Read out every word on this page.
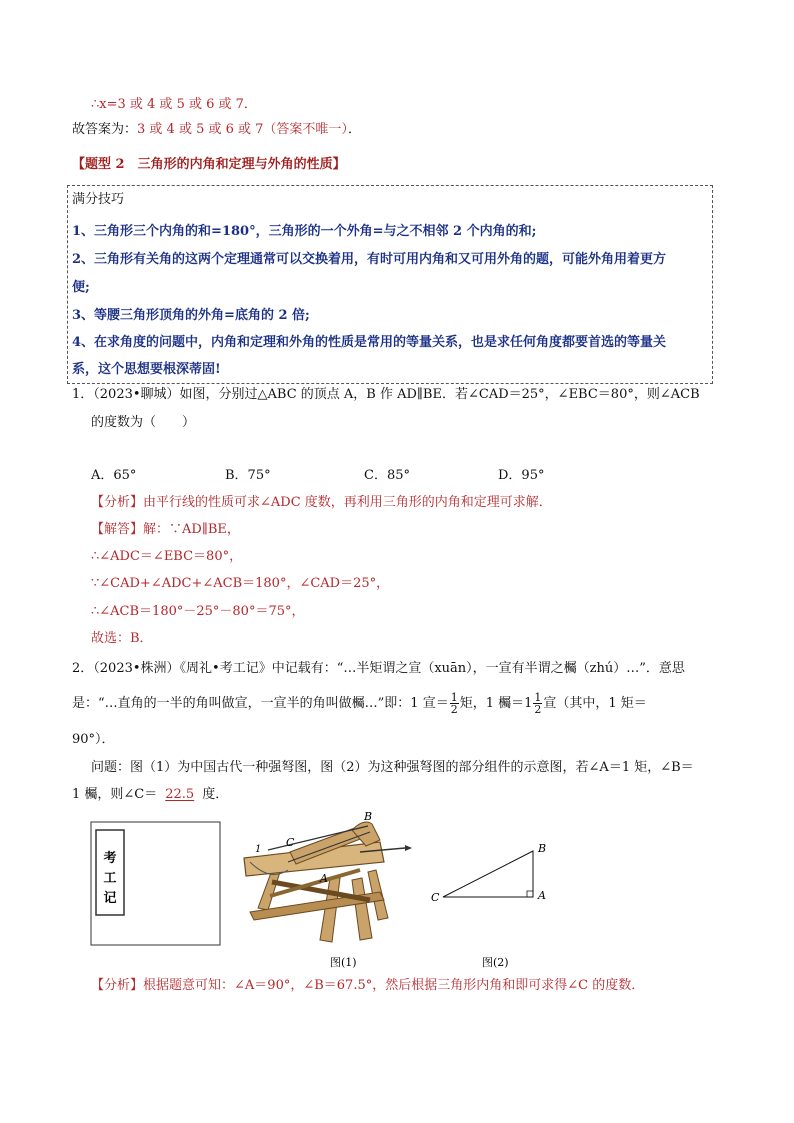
∴x=3 或 4 或 5 或 6 或 7．
故答案为：3 或 4 或 5 或 6 或 7（答案不唯一）．
【题型 2　三角形的内角和定理与外角的性质】
满分技巧
1、三角形三个内角的和=180°，三角形的一个外角=与之不相邻 2 个内角的和;
2、三角形有关角的这两个定理通常可以交换着用，有时可用内角和又可用外角的题，可能外角用着更方
便;
3、等腰三角形顶角的外角=底角的 2 倍;
4、在求角度的问题中，内角和定理和外角的性质是常用的等量关系，也是求任何角度都要首选的等量关
系，这个思想要根深蒂固!
1．（2023•聊城）如图，分别过△ABC 的顶点 A，B 作 AD∥BE．若∠CAD＝25°，∠EBC＝80°，则∠ACB
的度数为（　　）
A．65°	B．75°	C．85°	D．95°
【分析】由平行线的性质可求∠ADC 度数，再利用三角形的内角和定理可求解．
【解答】解：∵AD∥BE，
∴∠ADC＝∠EBC＝80°，
∵∠CAD+∠ADC+∠ACB＝180°，∠CAD＝25°，
∴∠ACB＝180°－25°－80°＝75°，
故选：B．
2．（2023•株洲）《周礼•考工记》中记载有：“…半矩谓之宣（xuān），一宣有半谓之欘（zhú）…”．意思
是：“…直角的一半的角叫做宣，一宣半的角叫做欘…”即：1 宣＝ $\frac{1}{2}$ 矩，1 欘$=1 \frac{1}{2}$ 宣（其中，1 矩＝
90°）．
问题：图（1）为中国古代一种强弩图，图（2）为这种强弩图的部分组件的示意图，若∠A＝1 矩，∠B＝
1 欘，则∠C＝ 22.5 度．
考
工
记
B
C
A
1
图(1)
B
C	A
图(2)
【分析】根据题意可知：∠A＝90°，∠B＝67.5°，然后根据三角形内角和即可求得∠C 的度数．
